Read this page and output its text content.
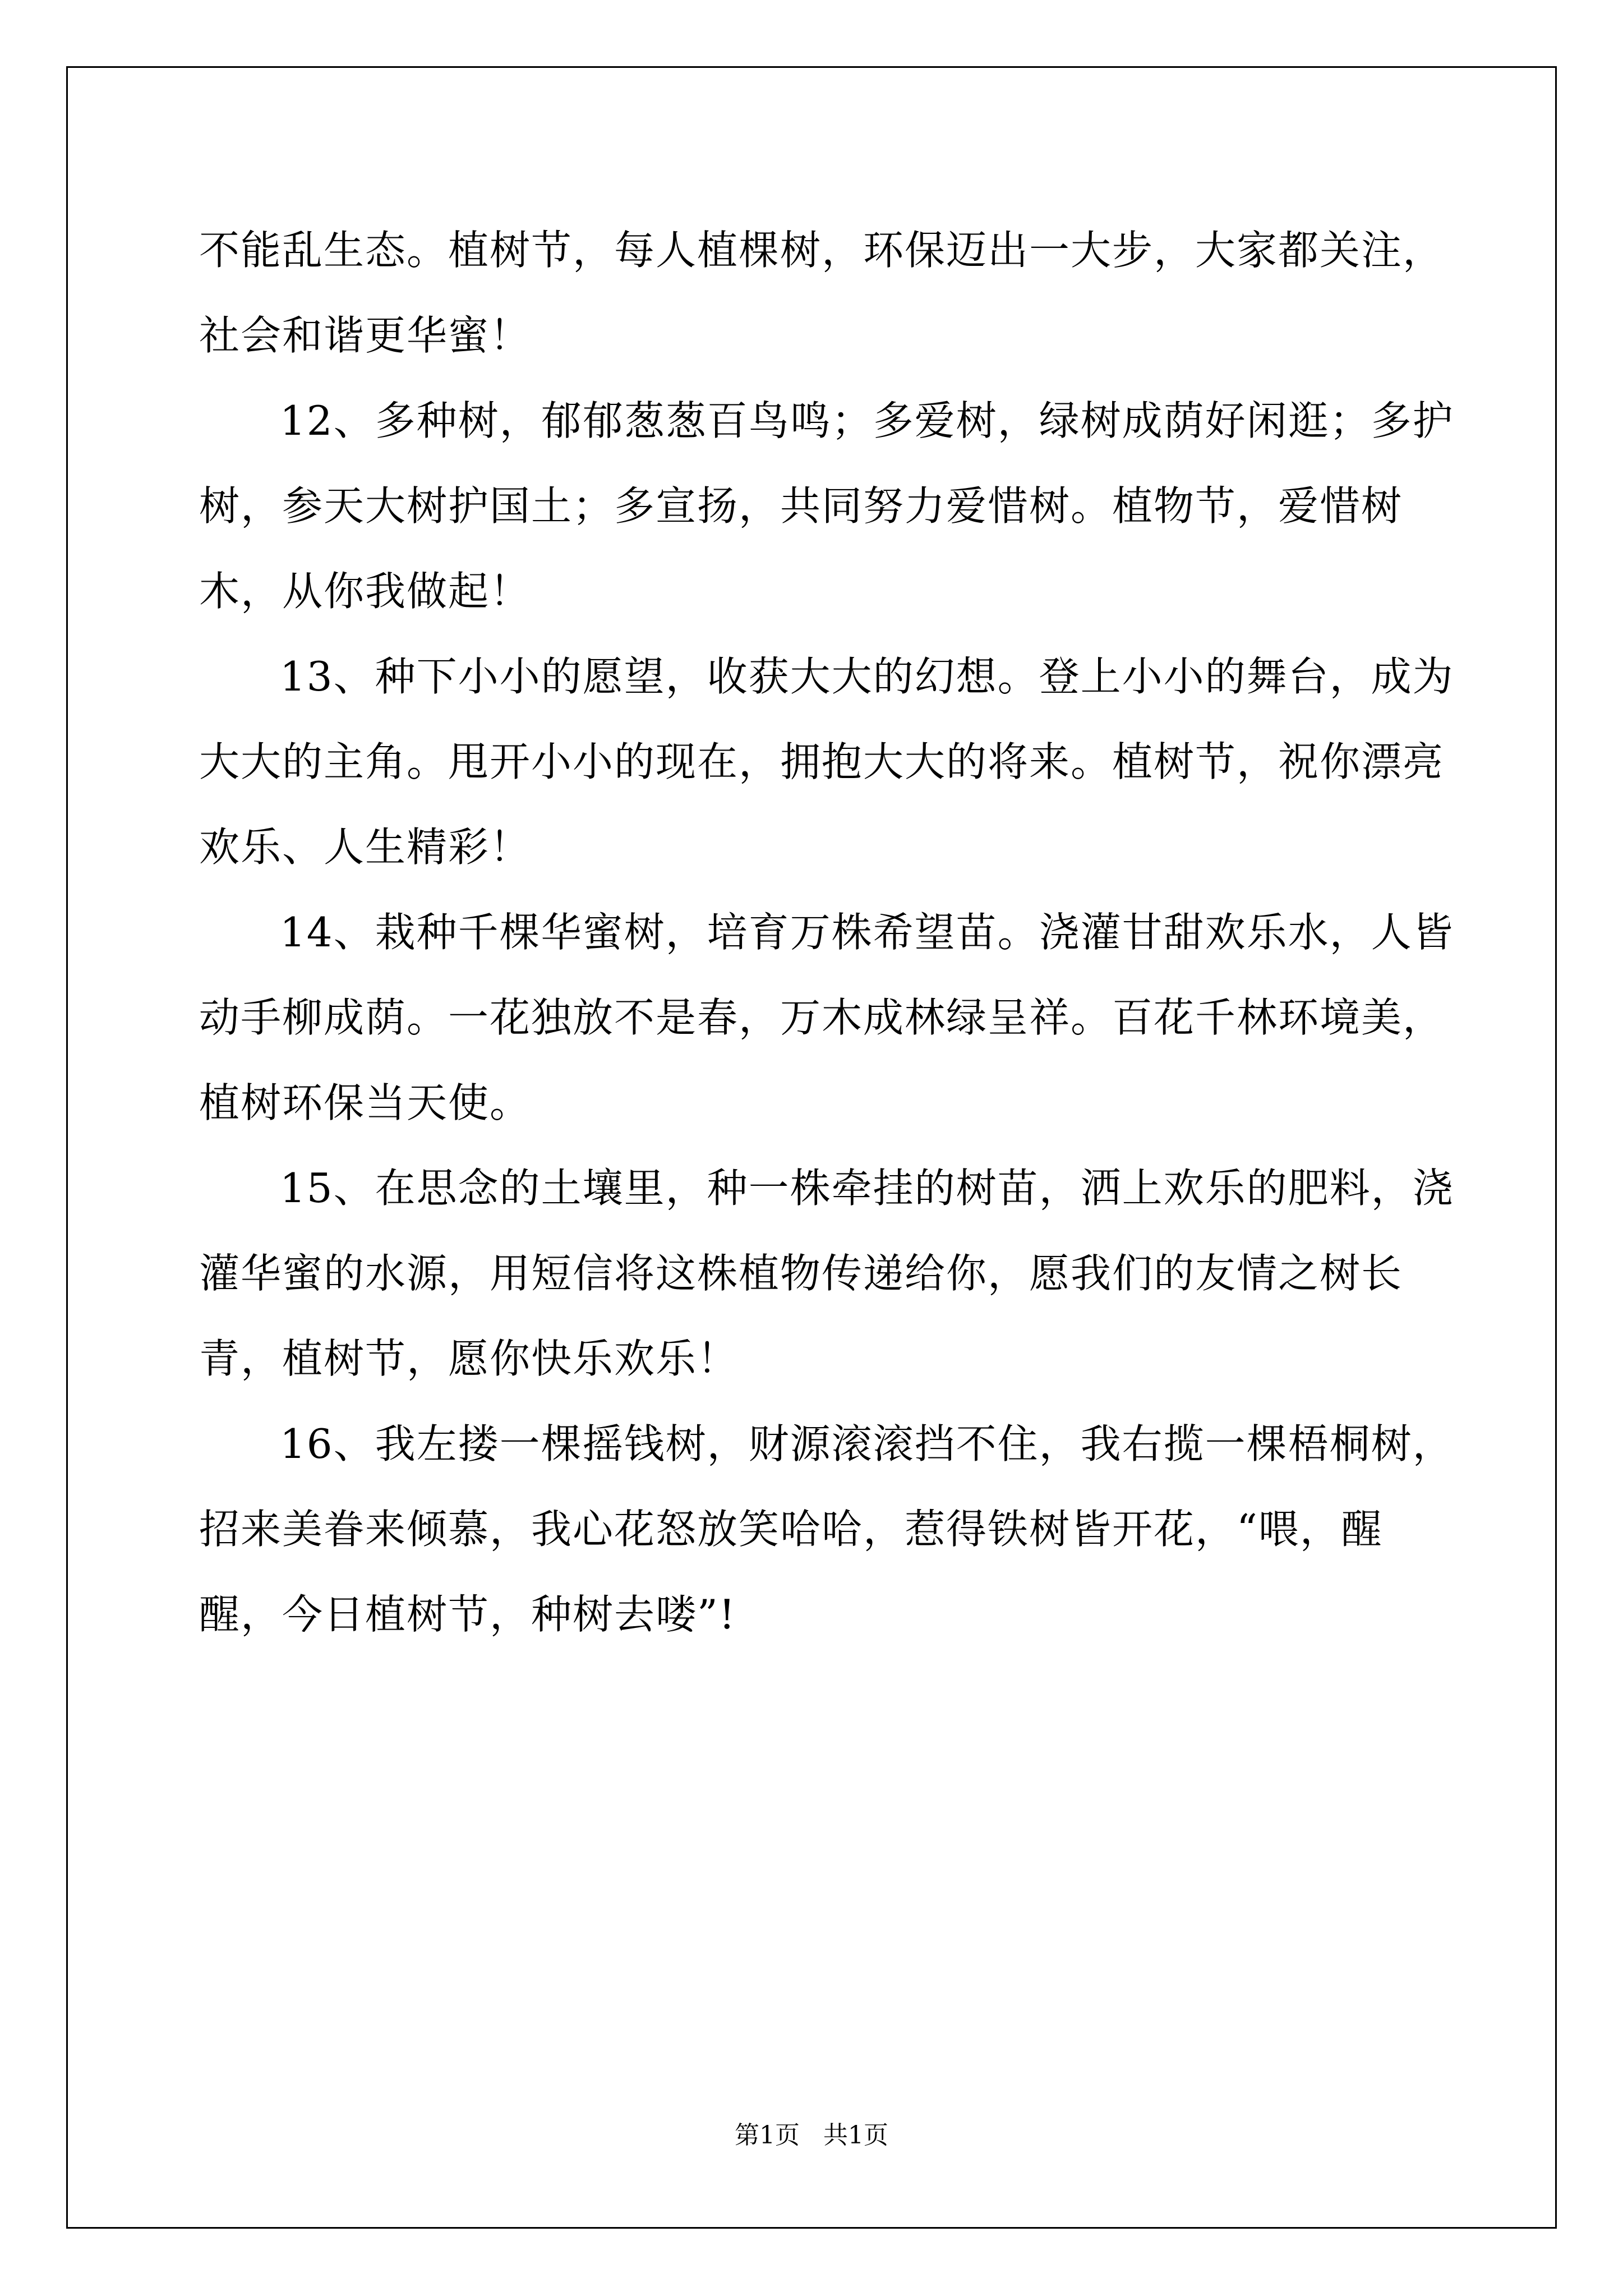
不能乱生态。植树节，每人植棵树，环保迈出一大步，大家都关注，社会和谐更华蜜！

12、多种树，郁郁葱葱百鸟鸣；多爱树，绿树成荫好闲逛；多护树，参天大树护国土；多宣扬，共同努力爱惜树。植物节，爱惜树木，从你我做起！

13、种下小小的愿望，收获大大的幻想。登上小小的舞台，成为大大的主角。甩开小小的现在，拥抱大大的将来。植树节，祝你漂亮欢乐、人生精彩！

14、栽种千棵华蜜树，培育万株希望苗。浇灌甘甜欢乐水，人皆动手柳成荫。一花独放不是春，万木成林绿呈祥。百花千林环境美，植树环保当天使。

15、在思念的土壤里，种一株牵挂的树苗，洒上欢乐的肥料，浇灌华蜜的水源，用短信将这株植物传递给你，愿我们的友情之树长青，植树节，愿你快乐欢乐！

16、我左搂一棵摇钱树，财源滚滚挡不住，我右揽一棵梧桐树，招来美眷来倾慕，我心花怒放笑哈哈，惹得铁树皆开花，“喂，醒醒，今日植树节，种树去喽”!

第1页 共1页
